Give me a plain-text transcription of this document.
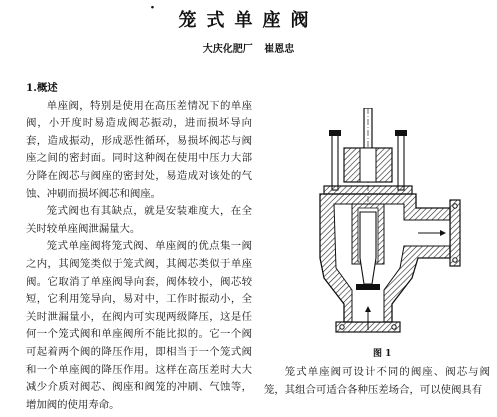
·
笼式单座阀
大庆化肥厂 崔恩忠

1.概述

单座阀，特别是使用在高压差情况下的单座阀，小开度时易造成阀芯振动，进而损坏导向套，造成振动，形成恶性循环，易损坏阀芯与阀座之间的密封面。同时这种阀在使用中压力大部分降在阀芯与阀座的密封处，易造成对该处的气蚀、冲刷而损坏阀芯和阀座。

笼式阀也有其缺点，就是安装难度大，在全关时较单座阀泄漏量大。

笼式单座阀将笼式阀、单座阀的优点集一阀之内，其阀笼类似于笼式阀，其阀芯类似于单座阀。它取消了单座阀导向套，阀体较小，阀芯较短，它利用笼导向，易对中，工作时振动小，全关时泄漏量小，在阀内可实现两级降压，这是任何一个笼式阀和单座阀所不能比拟的。它一个阀可起着两个阀的降压作用，即相当于一个笼式阀和一个单座阀的降压作用。这样在高压差时大大减少介质对阀芯、阀座和阀笼的冲刷、气蚀等，增加阀的使用寿命。

图 1

笼式单座阀可设计不同的阀座、阀芯与阀笼，其组合可适合各种压差场合，可以使阀具有
